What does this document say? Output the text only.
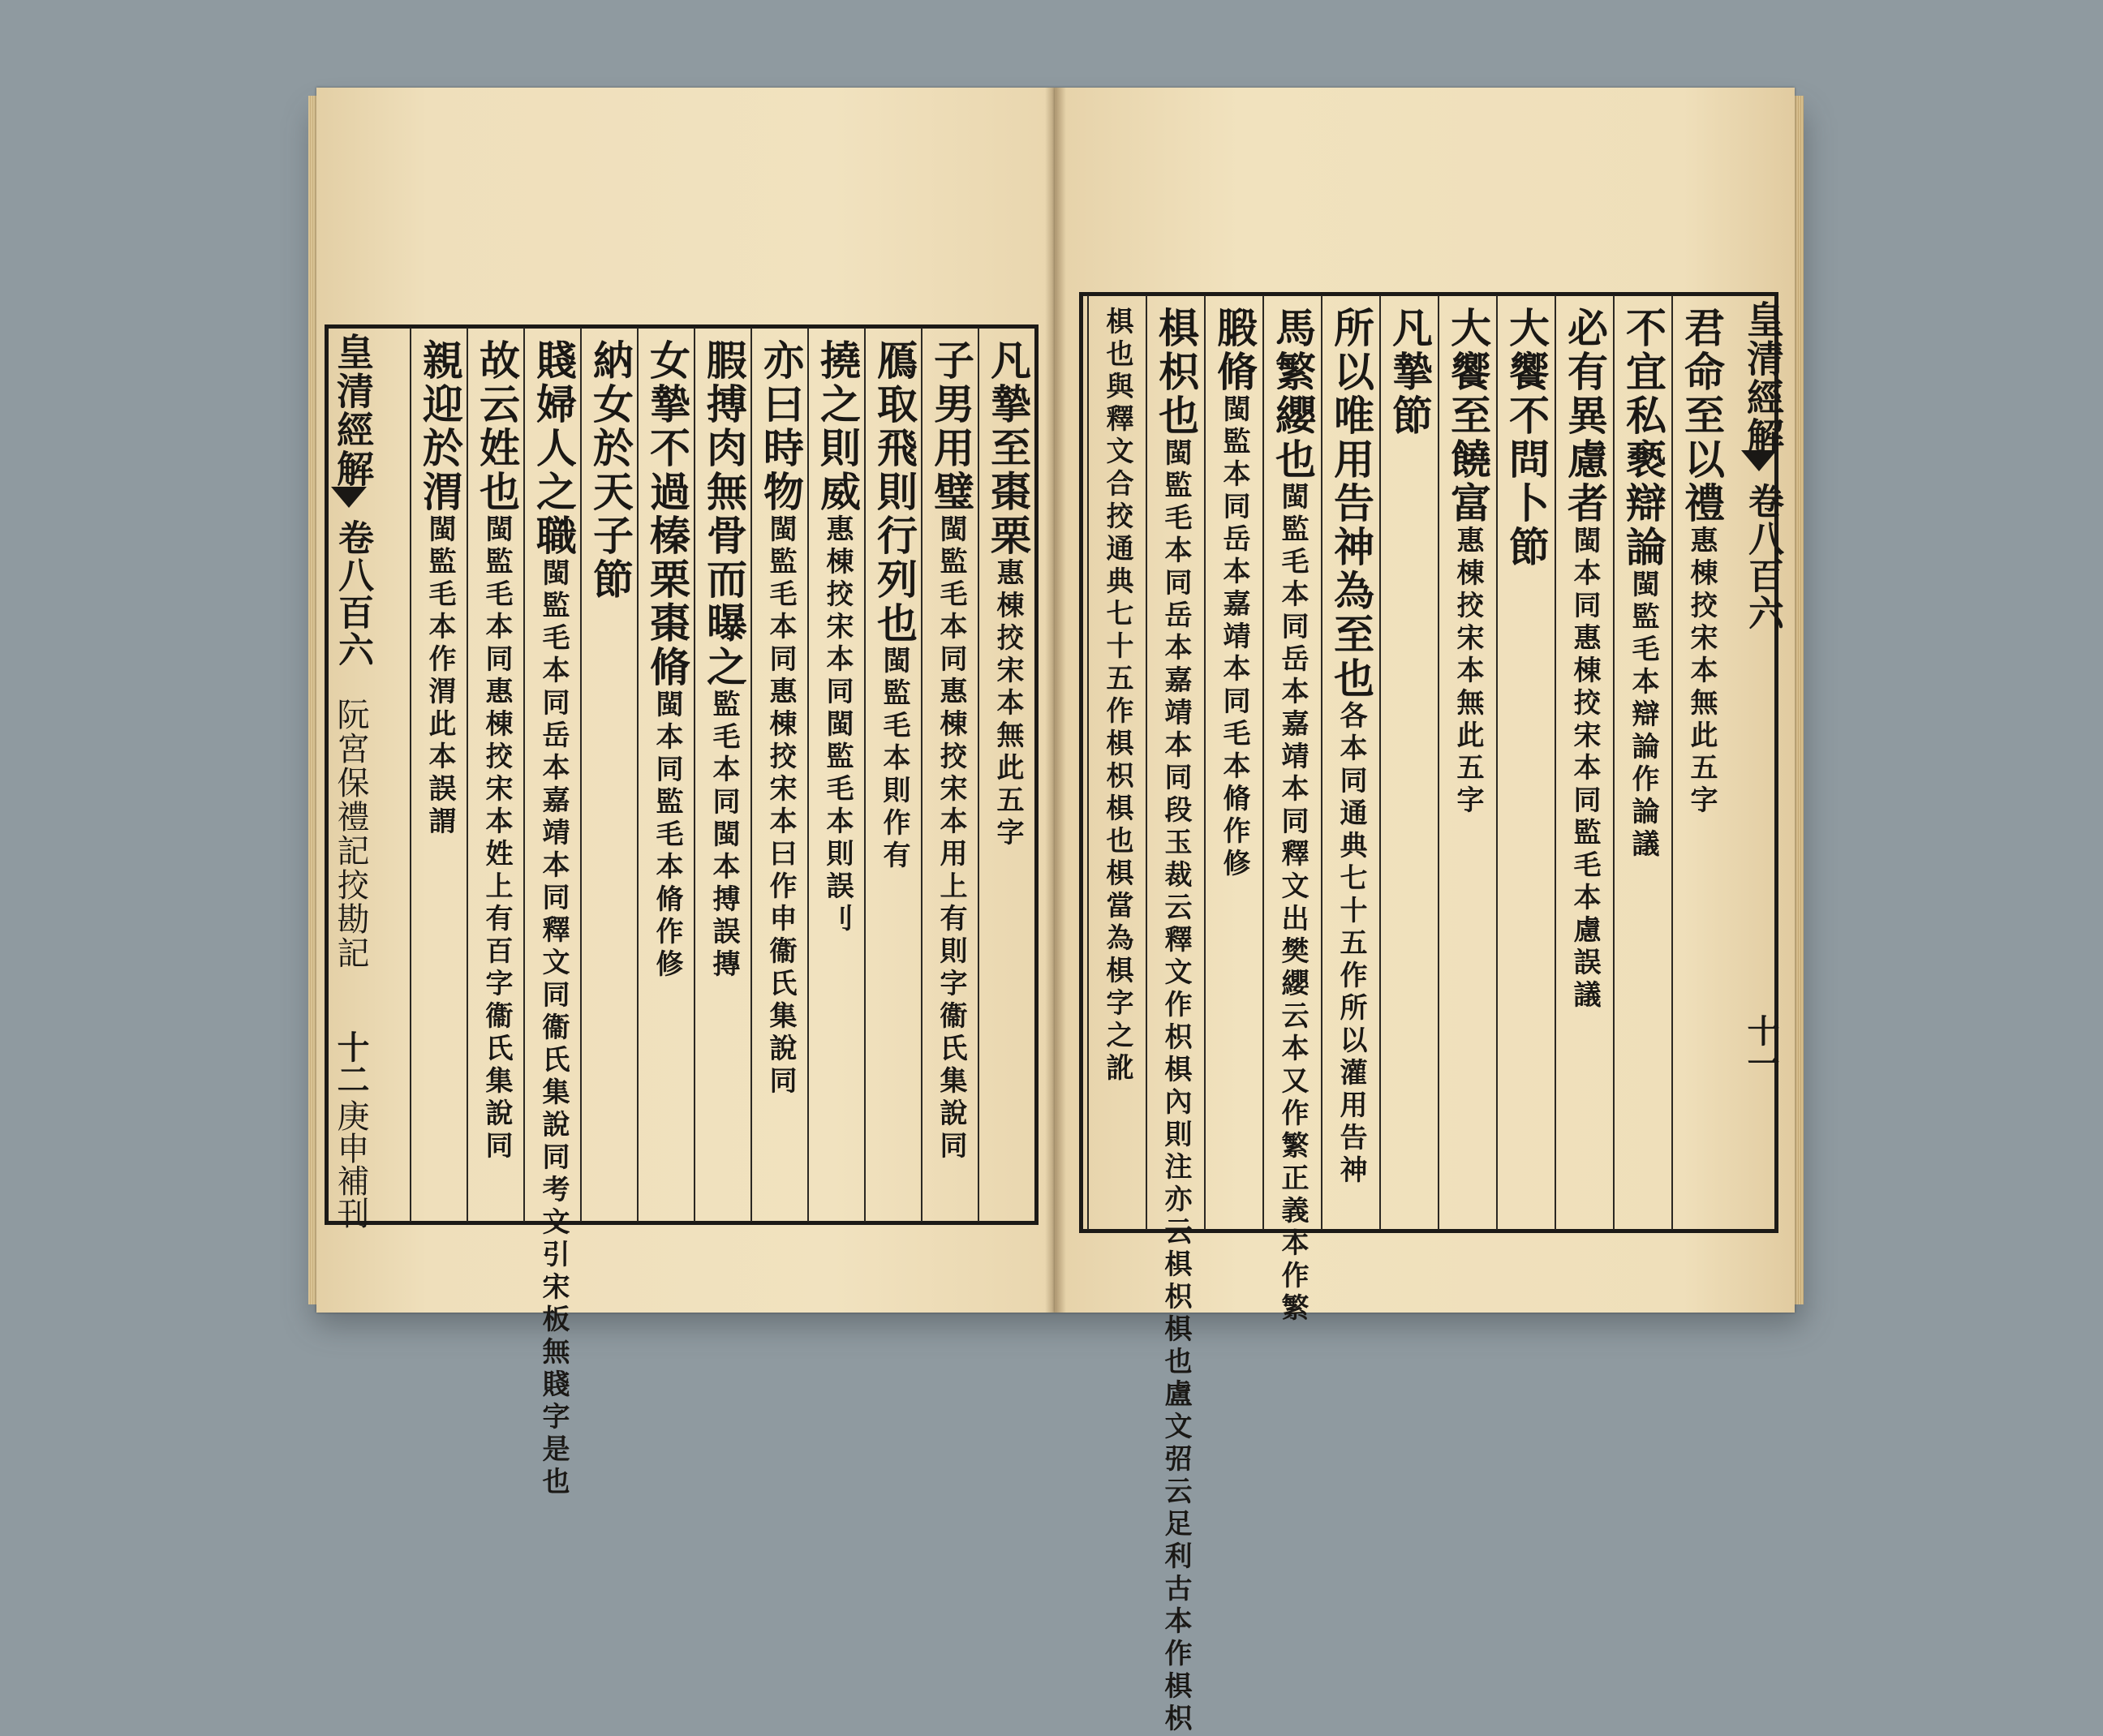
皇清經解
卷八百六
阮宮保禮記挍勘記
十二
庚申補刊
皇清經解
卷八百六
十一
凡摯至棗栗惠棟挍宋本無此五字
子男用璧閩監毛本同惠棟挍宋本用上有則字衞氏集說同
鴈取飛則行列也閩監毛本則作有
撓之則威惠棟挍宋本同閩監毛本則誤刂
亦曰時物閩監毛本同惠棟挍宋本曰作申衞氏集說同
腵搏肉無骨而曝之監毛本同閩本搏誤摶
女摯不過榛栗棗脩閩本同監毛本脩作修
納女於天子節
賤婦人之職閩監毛本同岳本嘉靖本同釋文同衞氏集說同考文引宋板無賤字是也
故云姓也閩監毛本同惠棟挍宋本姓上有百字衞氏集說同
親迎於渭閩監毛本作渭此本誤謂
君命至以禮惠棟挍宋本無此五字
不宜私褻辯論閩監毛本辯論作論議
必有異慮者閩本同惠棟挍宋本同監毛本慮誤議
大饗不問卜節
大饗至饒富惠棟挍宋本無此五字
凡摯節
所以唯用告神為至也各本同通典七十五作所以灌用告神
馬繁纓也閩監毛本同岳本嘉靖本同釋文出樊纓云本又作繁正義本作繁
腶脩閩監本同岳本嘉靖本同毛本脩作修
椇枳也閩監毛本同岳本嘉靖本同段玉裁云釋文作枳椇內則注亦云椇枳椇也盧文弨云足利古本作椇枳
椇也與釋文合挍通典七十五作椇枳椇也椇當為椇字之訛
